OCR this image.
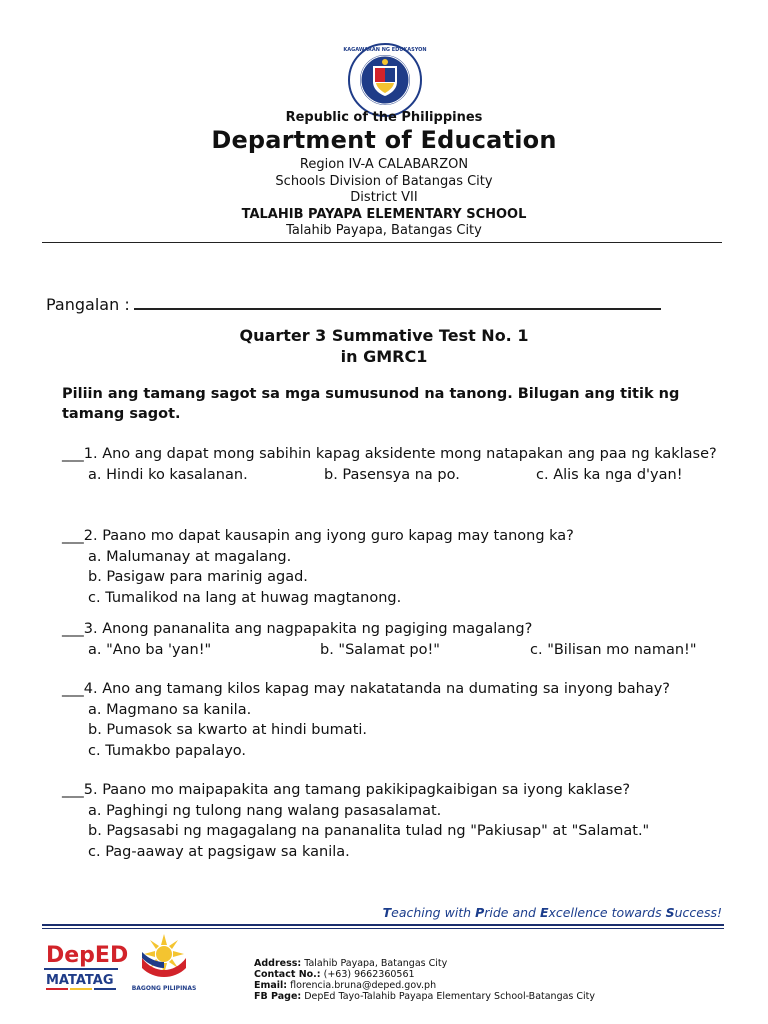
KAGAWARAN NG EDUKASYON
Republic of the Philippines
Department of Education
Region IV-A CALABARZON
Schools Division of Batangas City
District VII
TALAHIB PAYAPA ELEMENTARY SCHOOL
Talahib Payapa, Batangas City
Pangalan :
Quarter 3 Summative Test No. 1
in GMRC1
Piliin ang tamang sagot sa mga sumusunod na tanong. Bilugan ang titik ng tamang sagot.
___1. Ano ang dapat mong sabihin kapag aksidente mong natapakan ang paa ng kaklase?
a. Hindi ko kasalanan.	b. Pasensya na po.	c. Alis ka nga d'yan!
___2. Paano mo dapat kausapin ang iyong guro kapag may tanong ka?
a. Malumanay at magalang.
b. Pasigaw para marinig agad.
c. Tumalikod na lang at huwag magtanong.
___3. Anong pananalita ang nagpapakita ng pagiging magalang?
a. "Ano ba 'yan!"	b. "Salamat po!"	c. "Bilisan mo naman!"
___4. Ano ang tamang kilos kapag may nakatatanda na dumating sa inyong bahay?
a. Magmano sa kanila.
b. Pumasok sa kwarto at hindi bumati.
c. Tumakbo papalayo.
___5. Paano mo maipapakita ang tamang pakikipagkaibigan sa iyong kaklase?
a. Paghingi ng tulong nang walang pasasalamat.
b. Pagsasabi ng magagalang na pananalita tulad ng "Pakiusap" at "Salamat."
c. Pag-aaway at pagsigaw sa kanila.
Teaching with Pride and Excellence towards Success!
DepED
MATATAG
BAGONG PILIPINAS
Address: Talahib Payapa, Batangas City
Contact No.: (+63) 9662360561
Email: florencia.bruna@deped.gov.ph
FB Page: DepEd Tayo-Talahib Payapa Elementary School-Batangas City
